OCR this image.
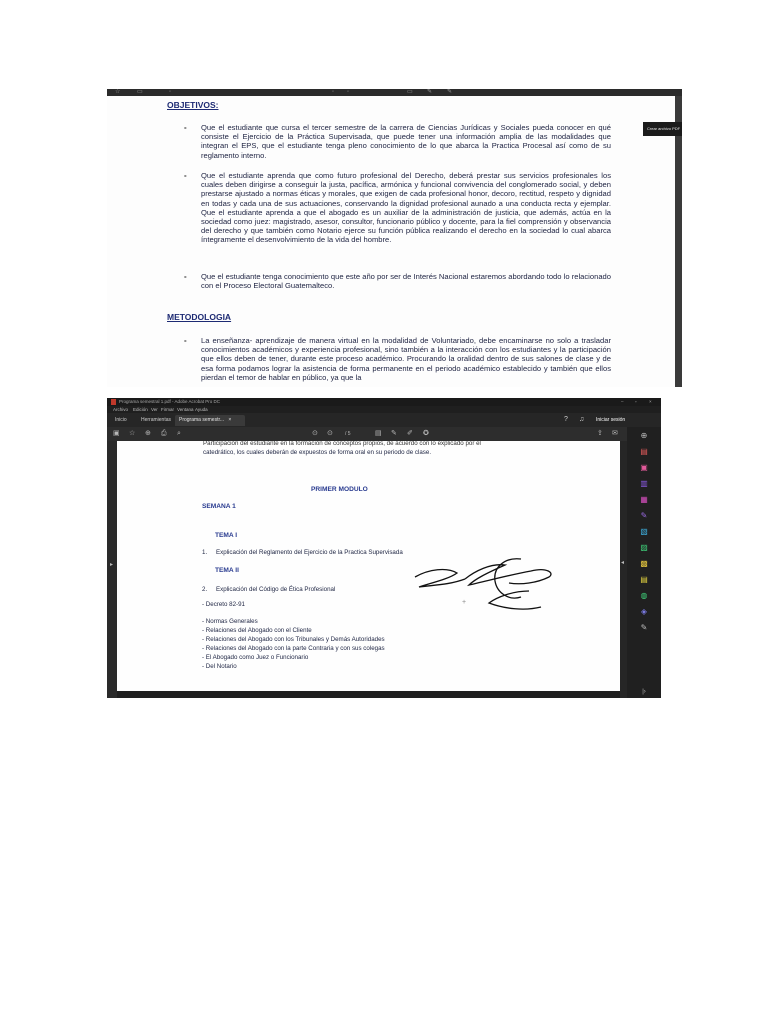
☆	▭	◦	◦ ◦	▭ ✎ ✎
OBJETIVOS:
- Que el estudiante que cursa el tercer semestre de la carrera de Ciencias Jurídicas y Sociales pueda conocer en qué consiste el Ejercicio de la Práctica Supervisada, que puede tener una información amplia de las modalidades que integran el EPS, que el estudiante tenga pleno conocimiento de lo que abarca la Practica Procesal así como de su reglamento interno.
- Que el estudiante aprenda que como futuro profesional del Derecho, deberá prestar sus servicios profesionales los cuales deben dirigirse a conseguir la justa, pacífica, armónica y funcional convivencia del conglomerado social, y deben prestarse ajustado a normas éticas y morales, que exigen de cada profesional honor, decoro, rectitud, respeto y dignidad en todas y cada una de sus actuaciones, conservando la dignidad profesional aunado a una conducta recta y ejemplar. Que el estudiante aprenda a que el abogado es un auxiliar de la administración de justicia, que además, actúa en la sociedad como juez: magistrado, asesor, consultor, funcionario público y docente, para la fiel comprensión y observancia del derecho y que también como Notario ejerce su función pública realizando el derecho en la sociedad lo cual abarca íntegramente el desenvolvimiento de la vida del hombre.
- Que el estudiante tenga conocimiento que este año por ser de Interés Nacional estaremos abordando todo lo relacionado con el Proceso Electoral Guatemalteco.
METODOLOGIA
- La enseñanza- aprendizaje de manera virtual en la modalidad de Voluntariado, debe encaminarse no solo a trasladar conocimientos académicos y experiencia profesional, sino también a la interacción con los estudiantes y la participación que ellos deben de tener, durante este proceso académico. Procurando la oralidad dentro de sus salones de clase y de esa forma podamos lograr la asistencia de forma permanente en el periodo académico establecido y también que ellos pierdan el temor de hablar en público, ya que la
Crear archivo PDF
Programa semestral 1.pdf - Adobe Acrobat Pro DC	–	▫	×
Archivo Edición Ver Firmar Ventana Ayuda
Inicio	Herramientas	Programa semestr... ×	? ♫ Iniciar sesión
▣ ☆ ⊕ ⎙ ⌕	⊙ ⊙ / 5	▤ ✎ ✐ ✪	⇪ ✉
▸
Participación del estudiante en la formación de conceptos propios, de acuerdo con lo explicado por el
catedrático, los cuales deberán de expuestos de forma oral en su periodo de clase.
PRIMER MODULO
SEMANA 1
TEMA I
1. Explicación del Reglamento del Ejercicio de la Practica Supervisada
TEMA II
2. Explicación del Código de Ética Profesional
- Decreto 82-91
- Normas Generales
- Relaciones del Abogado con el Cliente
- Relaciones del Abogado con los Tribunales y Demás Autoridades
- Relaciones del Abogado con la parte Contraria y con sus colegas
- El Abogado como Juez o Funcionario
- Del Notario
+
◂
⊕
▤
▣
▥
▦
✎
▧
▨
▩
▤
◍
◈
✎
|›
